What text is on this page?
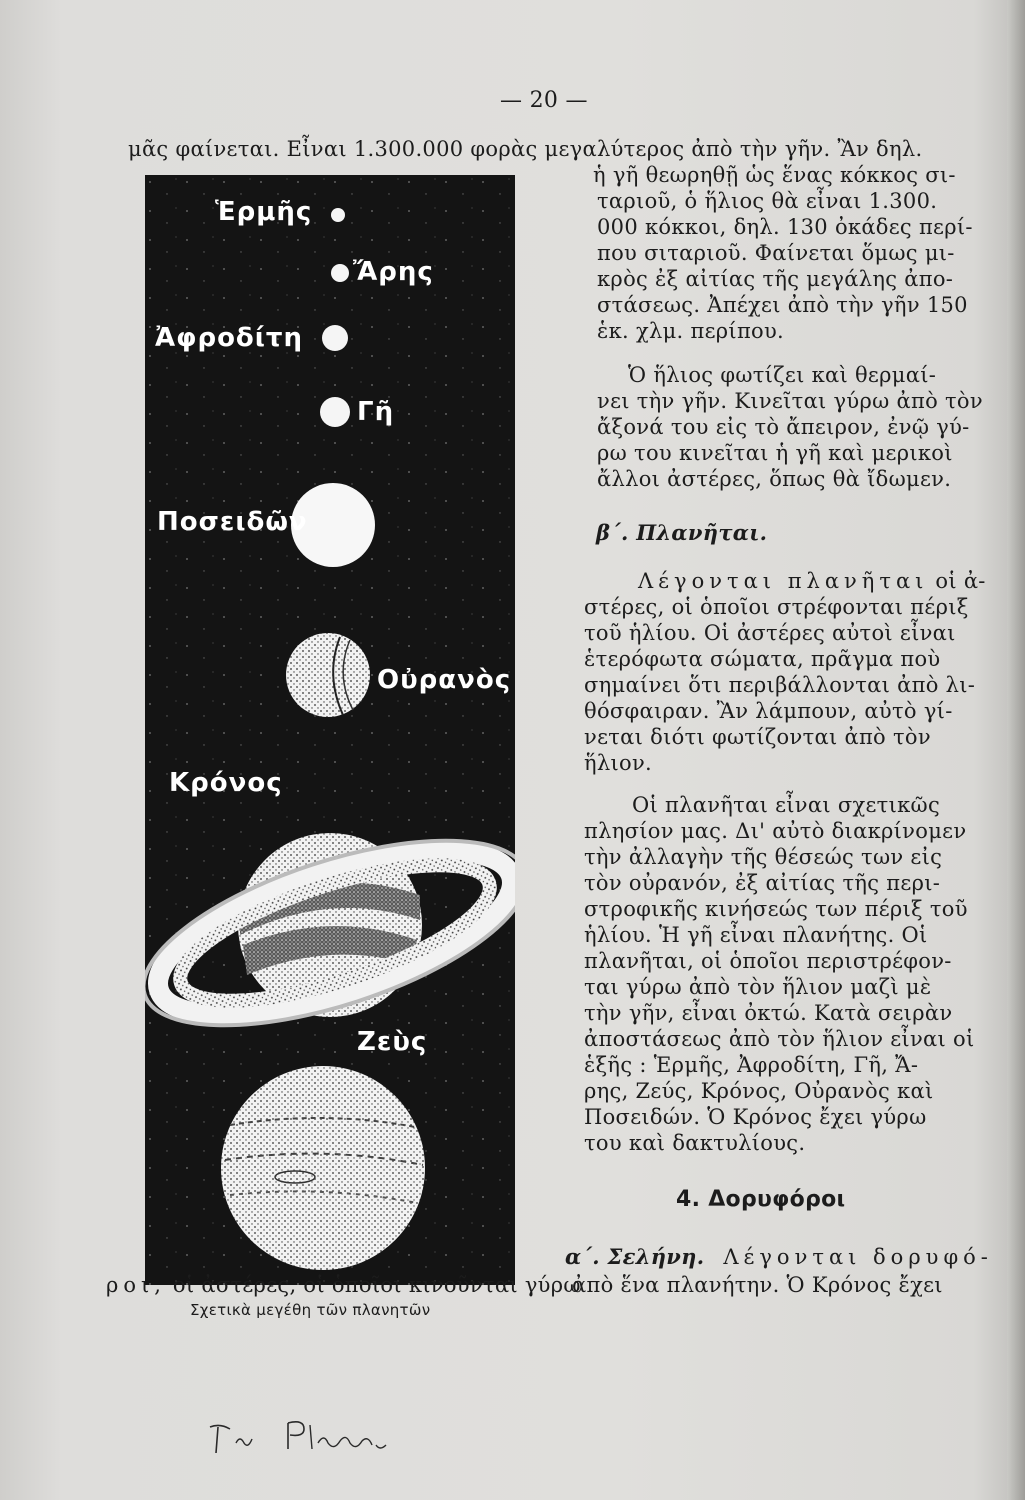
— 20 —
μᾶς φαίνεται. Εἶναι 1.300.000 φορὰς μεγαλύτερος ἀπὸ τὴν γῆν. Ἂν δηλ.
Ἑρμῆς
Ἄρης
Ἀφροδίτη
Γῆ
Ποσειδῶν
Οὐρανὸς
Κρόνος
Ζεὺς
ἡ γῆ θεωρηθῇ ὡς ἕνας κόκκος σι-
ταριοῦ, ὁ ἥλιος θὰ εἶναι 1.300.
000 κόκκοι, δηλ. 130 ὀκάδες περί-
που σιταριοῦ. Φαίνεται ὅμως μι-
κρὸς ἐξ αἰτίας τῆς μεγάλης ἀπο-
στάσεως. Ἀπέχει ἀπὸ τὴν γῆν 150
ἑκ. χλμ. περίπου.
Ὁ ἥλιος φωτίζει καὶ θερμαί-
νει τὴν γῆν. Κινεῖται γύρω ἀπὸ τὸν
ἄξονά του εἰς τὸ ἄπειρον, ἐνῷ γύ-
ρω του κινεῖται ἡ γῆ καὶ μερικοὶ
ἄλλοι ἀστέρες, ὅπως θὰ ἴδωμεν.
β΄. Πλανῆται.
Λέγονται πλανῆται οἱ ἀ-
στέρες, οἱ ὁποῖοι στρέφονται πέριξ
τοῦ ἡλίου. Οἱ ἀστέρες αὐτοὶ εἶναι
ἑτερόφωτα σώματα, πρᾶγμα ποὺ
σημαίνει ὅτι περιβάλλονται ἀπὸ λι-
θόσφαιραν. Ἂν λάμπουν, αὐτὸ γί-
νεται διότι φωτίζονται ἀπὸ τὸν
ἥλιον.
Οἱ πλανῆται εἶναι σχετικῶς
πλησίον μας. Δι' αὐτὸ διακρίνομεν
τὴν ἀλλαγὴν τῆς θέσεώς των εἰς
τὸν οὐρανόν, ἐξ αἰτίας τῆς περι-
στροφικῆς κινήσεώς των πέριξ τοῦ
ἡλίου. Ἡ γῆ εἶναι πλανήτης. Οἱ
πλανῆται, οἱ ὁποῖοι περιστρέφον-
ται γύρω ἀπὸ τὸν ἥλιον μαζὶ μὲ
τὴν γῆν, εἶναι ὀκτώ. Κατὰ σειρὰν
ἀποστάσεως ἀπὸ τὸν ἥλιον εἶναι οἱ
ἑξῆς : Ἑρμῆς, Ἀφροδίτη, Γῆ, Ἄ-
ρης, Ζεύς, Κρόνος, Οὐρανὸς καὶ
Ποσειδών. Ὁ Κρόνος ἔχει γύρω
του καὶ δακτυλίους.
4. Δορυφόροι
α΄. Σελήνη. Λέγονται δορυφό-
ροι, οἱ ἀστέρες, οἱ ὁποῖοι κινοῦνται γύρω
ἀπὸ ἕνα πλανήτην. Ὁ Κρόνος ἔχει
Σχετικὰ μεγέθη τῶν πλανητῶν
